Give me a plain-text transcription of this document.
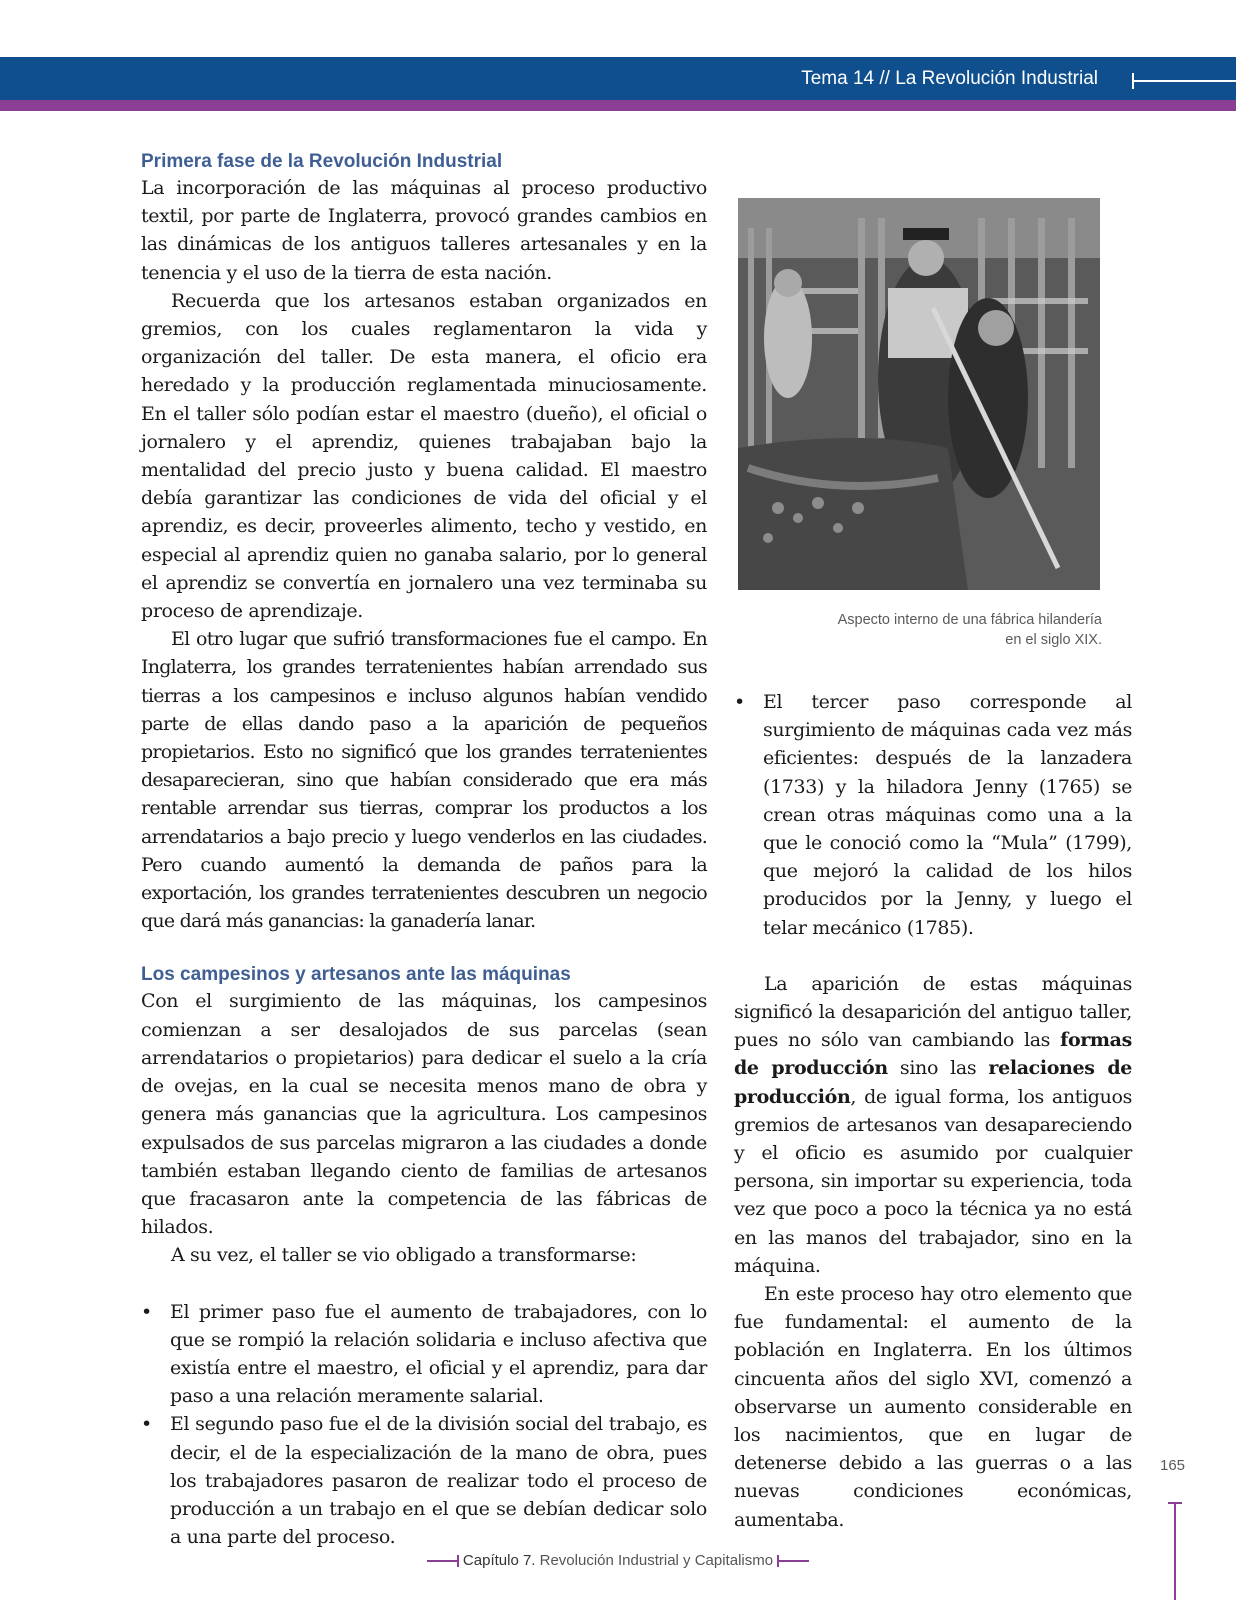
Tema 14 // La Revolución Industrial
Primera fase de la Revolución Industrial

La incorporación de las máquinas al proceso productivo textil, por parte de Inglaterra, provocó grandes cambios en las dinámicas de los antiguos talleres artesanales y en la tenencia y el uso de la tierra de esta nación.

Recuerda que los artesanos estaban organizados en gremios, con los cuales reglamentaron la vida y organización del taller. De esta manera, el oficio era heredado y la producción reglamentada minuciosamente. En el taller sólo podían estar el maestro (dueño), el oficial o jornalero y el aprendiz, quienes trabajaban bajo la mentalidad del precio justo y buena calidad. El maestro debía garantizar las condiciones de vida del oficial y el aprendiz, es decir, proveerles alimento, techo y vestido, en especial al aprendiz quien no ganaba salario, por lo general el aprendiz se convertía en jornalero una vez terminaba su proceso de aprendizaje.

El otro lugar que sufrió transformaciones fue el campo. En Inglaterra, los grandes terratenientes habían arrendado sus tierras a los campesinos e incluso algunos habían vendido parte de ellas dando paso a la aparición de pequeños propietarios. Esto no significó que los grandes terratenientes desaparecieran, sino que habían considerado que era más rentable arrendar sus tierras, comprar los productos a los arrendatarios a bajo precio y luego venderlos en las ciudades. Pero cuando aumentó la demanda de paños para la exportación, los grandes terratenientes descubren un negocio que dará más ganancias: la ganadería lanar.

Los campesinos y artesanos ante las máquinas

Con el surgimiento de las máquinas, los campesinos comienzan a ser desalojados de sus parcelas (sean arrendatarios o propietarios) para dedicar el suelo a la cría de ovejas, en la cual se necesita menos mano de obra y genera más ganancias que la agricultura. Los campesinos expulsados de sus parcelas migraron a las ciudades a donde también estaban llegando ciento de familias de artesanos que fracasaron ante la competencia de las fábricas de hilados.

A su vez, el taller se vio obligado a transformarse:

• El primer paso fue el aumento de trabajadores, con lo que se rompió la relación solidaria e incluso afectiva que existía entre el maestro, el oficial y el aprendiz, para dar paso a una relación meramente salarial.

• El segundo paso fue el de la división social del trabajo, es decir, el de la especialización de la mano de obra, pues los trabajadores pasaron de realizar todo el proceso de producción a un trabajo en el que se debían dedicar solo a una parte del proceso.

Aspecto interno de una fábrica hilandería
en el siglo XIX.

• El tercer paso corresponde al surgimiento de máquinas cada vez más eficientes: después de la lanzadera (1733) y la hiladora Jenny (1765) se crean otras máquinas como una a la que le conoció como la “Mula” (1799), que mejoró la calidad de los hilos producidos por la Jenny, y luego el telar mecánico (1785).

La aparición de estas máquinas significó la desaparición del antiguo taller, pues no sólo van cambiando las formas de producción sino las relaciones de producción, de igual forma, los antiguos gremios de artesanos van desapareciendo y el oficio es asumido por cualquier persona, sin importar su experiencia, toda vez que poco a poco la técnica ya no está en las manos del trabajador, sino en la máquina.

En este proceso hay otro elemento que fue fundamental: el aumento de la población en Inglaterra. En los últimos cincuenta años del siglo XVI, comenzó a observarse un aumento considerable en los nacimientos, que en lugar de detenerse debido a las guerras o a las nuevas condiciones económicas, aumentaba.

165
Capítulo 7. Revolución Industrial y Capitalismo
